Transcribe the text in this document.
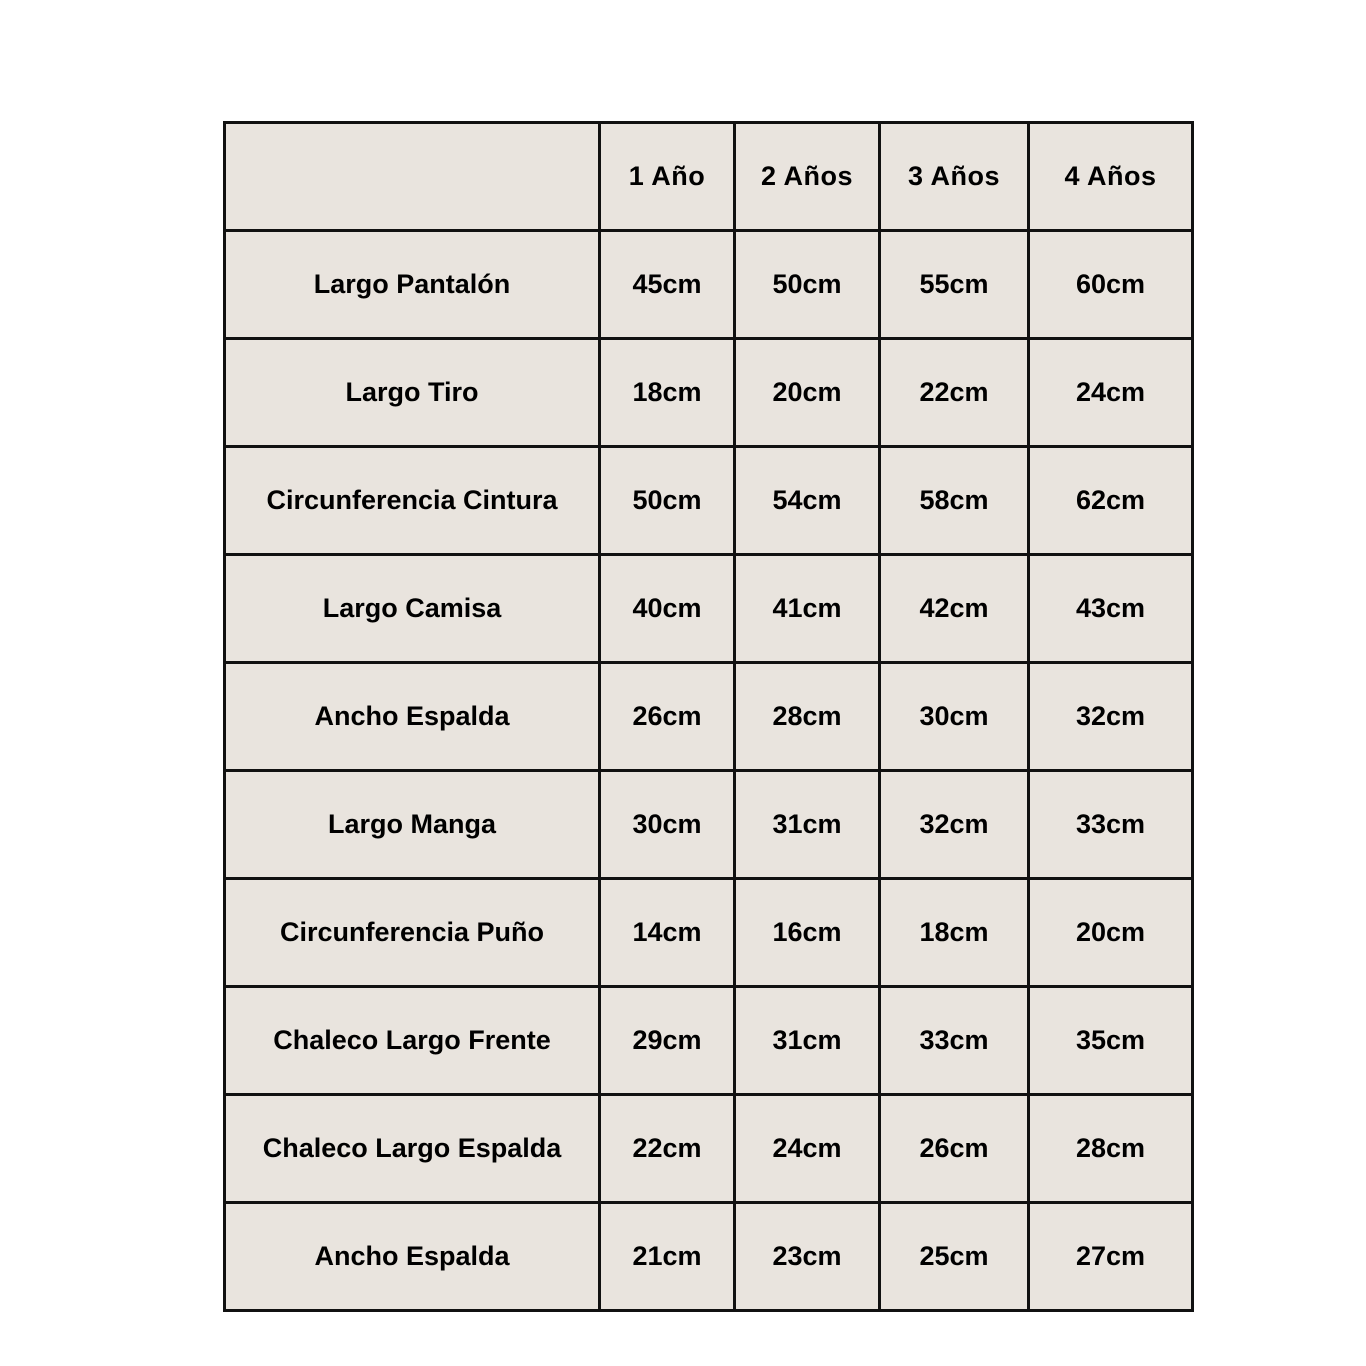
	1 Año	2 Años	3 Años	4 Años
Largo Pantalón	45cm	50cm	55cm	60cm
Largo Tiro	18cm	20cm	22cm	24cm
Circunferencia Cintura	50cm	54cm	58cm	62cm
Largo Camisa	40cm	41cm	42cm	43cm
Ancho Espalda	26cm	28cm	30cm	32cm
Largo Manga	30cm	31cm	32cm	33cm
Circunferencia Puño	14cm	16cm	18cm	20cm
Chaleco Largo Frente	29cm	31cm	33cm	35cm
Chaleco Largo Espalda	22cm	24cm	26cm	28cm
Ancho Espalda	21cm	23cm	25cm	27cm
